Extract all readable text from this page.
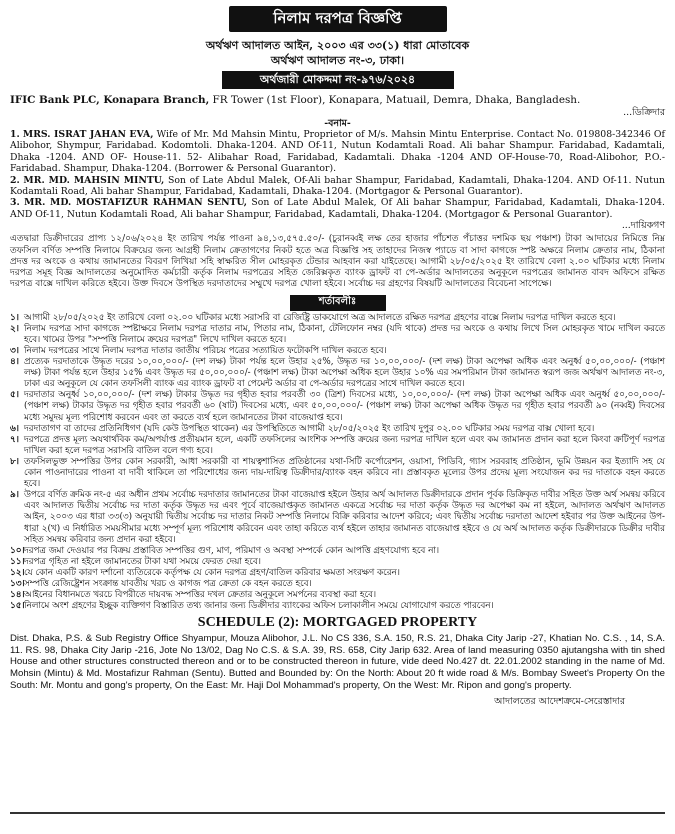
নিলাম দরপত্র বিজ্ঞপ্তি
অর্থঋণ আদালত আইন, ২০০৩ এর ৩৩(১) ধারা মোতাবেক
অর্থঋণ আদালত নং-৩, ঢাকা।
অর্থজারী মোকদ্দমা নং-৯৭৬/২০২৪
IFIC Bank PLC, Konapara Branch, FR Tower (1st Floor), Konapara, Matuail, Demra, Dhaka, Bangladesh.
...ডিক্রিদার
-বনাম-

1. MRS. ISRAT JAHAN EVA, Wife of Mr. Md Mahsin Mintu, Proprietor of M/s. Mahsin Mintu Enterprise. Contact No. 019808-342346 Of Alibohor, Shympur, Faridabad. Kodomtoli. Dhaka-1204. AND Of-11, Nutun Kodamtali Road. Ali bahar Shampur. Faridabad, Kadamtali, Dhaka -1204. AND OF- House-11. 52- Alibahar Road, Faridabad, Kadamtali. Dhaka -1204 AND OF-House-70, Road-Alibohor, P.O.- Faridabad. Shampur, Dhaka-1204. (Borrower & Personal Guarantor).

2. MR. MD. MAHSIN MINTU, Son of Late Abdul Malek, Of-Ali bahar Shampur, Faridabad, Kadamtali, Dhaka-1204. AND Of-11. Nutun Kodamtali Road, Ali bahar Shampur, Faridabad, Kadamtali, Dhaka-1204. (Mortgagor & Personal Guarantor).

3. MR. MD. MOSTAFIZUR RAHMAN SENTU, Son of Late Abdul Malek, Of Ali bahar Shampur, Faridabad, Kadamtali, Dhaka-1204. AND Of-11, Nutun Kodamtali Road, Ali bahar Shampur, Faridabad, Kadamtali, Dhaka-1204. (Mortgagor & Personal Guarantor).

...দায়িকগণ
এতদ্বারা ডিক্রীদারের প্রাপ্য ১২/০৬/২০২৪ ইং তারিখ পর্যন্ত পাওনা ৯৪,১৩,৫৭৫.৫০/- (চুরানব্বই লক্ষ তের হাজার পাঁচশত পঁচাত্তর দশমিক ছয় পঞ্চাশ) টাকা আদায়ের নিমিত্তে নিম্ন তফসিল বর্ণিত সম্পত্তি নিলামে বিক্রয়ের জন্য আগ্রহী নিলাম ক্রেতাগণের নিকট হতে অত্র বিজ্ঞপ্তি সহ তাহাদের নিজস্ব প্যাডে বা সাদা কাগজে স্পষ্ট অক্ষরে নিলাম ক্রেতার নাম, ঠিকানা প্রদত্ত দর অংকে ও কথায় জামানতের বিবরণ লিখিয়া সহি স্বাক্ষরিত সীল মোহরকৃত টেন্ডার আহবান করা যাইতেছে। আগামী ২৮/০৫/২০২৫ ইং তারিখে বেলা ২.০০ ঘটিকার মধ্যে নিলাম দরপত্র সমূহ বিজ্ঞ আদালতের অনুমোদিত কর্মচারী কর্তৃক নিলাম দরপত্রের সহিত জেরিক্সকৃত ব্যাংক ড্রাফট বা পে-অর্ডার আদালতের অনুকূলে দরপত্রের জামানত বাবদ অফিসে রক্ষিত দরপত্র বাক্সে দাখিল করিতে হইবে। উক্ত দিবসে উপস্থিত দরদাতাদের সম্মুখে দরপত্র খোলা হইবে। সর্বোচ্চ দর গ্রহণের বিষয়টি আদালতের বিবেচনা সাপেক্ষে।
শর্তাবলীঃ
১। আগামী ২৮/০৫/২০২৫ ইং তারিখে বেলা ০২.০০ ঘটিকার মধ্যে সরাসরি বা রেজিষ্ট্রি ডাকযোগে অত্র আদালতে রক্ষিত দরপত্র গ্রহণের বাক্সে নিলাম দরপত্র দাখিল করতে হবে।
২। নিলাম দরপত্র সাদা কাগজে স্পষ্টাক্ষরে নিলাম দরপত্র দাতার নাম, পিতার নাম, ঠিকানা, টেলিফোন নম্বর (যদি থাকে) প্রদত্ত দর অংকে ও কথায় লিখে সিল মোহরকৃত খামে দাখিল করতে হবে। খামের উপর "সম্পত্তি নিলামে ক্রয়ের দরপত্র" লিখে দাখিল করতে হবে।
৩। নিলাম দরপত্রের সাথে নিলাম দরপত্র দাতার জাতীয় পরিচয় পত্রের সত্যায়িত ফটোকপি দাখিল করতে হবে।
৪। প্রত্যেক দরদাতাকে উদ্ধৃত দরের ১০,০০,০০০/- (দশ লক্ষ) টাকা পর্যন্ত হলে উহার ২৫%, উদ্ধৃত দর ১০,০০,০০০/- (দশ লক্ষ) টাকা অপেক্ষা অধিক এবং অনুর্ধ্ব ৫০,০০,০০০/- (পঞ্চাশ লক্ষ) টাকা পর্যন্ত হলে উহার ১৫% এবং উদ্ধৃত দর ৫০,০০,০০০/- (পঞ্চাশ লক্ষ) টাকা অপেক্ষা অধিক হলে উহার ১০% এর সমপরিমান টাকা জামানত স্বরূপ জজ অর্থঋণ আদালত নং-৩, ঢাকা এর অনুকূলে যে কোন তফসিলী ব্যাংক এর ব্যাংক ড্রাফট বা পেমেন্ট অর্ডার বা পে-অর্ডার দরপত্রের সাথে দাখিল করতে হবে।
৫। দরদাতার অনুর্ধ্ব ১০,০০,০০০/- (দশ লক্ষ) টাকার উদ্ধৃত দর গৃহীত হবার পরবর্তী ৩০ (ত্রিশ) দিবসের মধ্যে, ১০,০০,০০০/- (দশ লক্ষ) টাকা অপেক্ষা অধিক এবং অনুর্ধ্ব ৫০,০০,০০০/- (পঞ্চাশ লক্ষ) টাকার উদ্ধৃত দর গৃহীত হবার পরবর্তী ৬০ (ষাট) দিবসের মধ্যে, এবং ৫০,০০,০০০/- (পঞ্চাশ লক্ষ) টাকা অপেক্ষা অধিক উদ্ধৃত দর গৃহীত হবার পরবর্তী ৯০ (নব্বই) দিবসের মধ্যে সমুদয় মূল্য পরিশোধ করবেন এবং তা করতে ব্যর্থ হলে জামানতের টাকা বাজেয়াপ্ত হবে।
৬। দরদাতাগণ বা তাদের প্রতিনিধিগণ (যদি কেউ উপস্থিত থাকেন) এর উপস্থিতিতে আগামী ২৮/০৫/২০২৫ ইং তারিখ দুপুর ০২.০০ ঘটিকার সময় দরপত্র বাক্স খোলা হবে।
৭। দরপত্রে প্রদত্ত মূল্য অযথার্থবিক কম/অপর্যাপ্ত প্রতীয়মান হলে, একটি তফসিলের আংশিক সম্পত্তি ক্রয়ের জন্য দরপত্র দাখিল হলে এবং কম জামানত প্রদান করা হলে কিংবা ক্রটিপূর্ণ দরপত্র দাখিল করা হলে দরপত্র সরাসরি বাতিল বলে গণ্য হবে।
৮। তফসিলভুক্ত সম্পত্তির উপর কোন সরকারী, আধা সরকারী বা শায়ত্বশাসিত প্রতিষ্ঠানের যথা-সিটি কর্পোরেশন, ওয়াসা, পিডিবি, গ্যাস সরবরাহ প্রতিষ্ঠান, ভূমি উন্নয়ন কর ইত্যাদি সহ যে কোন পাওনাদারের পাওনা বা দাবী থাকিলে তা পরিশোধের জন্য দায়-দায়িত্ব ডিক্রীদার/ব্যাংক বহন করিবে না। প্রস্তাবকৃত মূল্যের উপর প্রদেয় মূল্য সংযোজন কর দর দাতাকে বহন করতে হবে।
৯। উপরে বর্ণিত ক্রমিক নং-৫ এর অধীন প্রথম সর্বোচ্চ দরদাতার জামানতের টাকা বাজেয়াপ্ত হইলে উহার অর্থ আদালত ডিক্রীদারকে প্রদান পূর্বক ডিক্রিকৃত দাবীর সহিত উক্ত অর্থ সমন্বয় করিবে এবং আদালত দ্বিতীয় সর্বোচ্চ দর দাতা কর্তৃক উদ্ধৃত দর এবং পূর্বে বাজেয়াপ্তকৃত জামানত একত্রে সর্বোচ্চ দর দাতা কর্তৃক উদ্ধৃত দর অপেক্ষা কম না হইলে, আদালত অর্থঋণ আদালত আইন, ২০০৩ এর ধারা ৩৩(৩) অনুযায়ী দ্বিতীয় সর্বোচ্চ দর দাতার নিকট সম্পত্তি নিলামে বিক্রি করিবার আদেশ করিবে; এবং দ্বিতীয় সর্বোচ্চ দরদাতা আদেশ হইবার পর উক্ত আইনের উপ-ধারা ২(খ) এ নির্ধারিত সময়সীমার মধ্যে সম্পূর্ণ মূল্য পরিশোধ করিবেন এবং তাহা করিতে ব্যর্থ হইলে তাহার জামানত বাজেয়াপ্ত হইবে ও যে অর্থ আদালত কর্তৃক ডিক্রীদারকে ডিক্রীর দাবীর সহিত সমন্বয় করিবার জন্য প্রদান করা হইবে।
১০। দরপত্র জমা দেওয়ার পর বিক্রয় প্রস্তাবিত সম্পত্তির গুণ, মাণ, পরিমাণ ও অবস্থা সম্পর্কে কোন আপত্তি গ্রহণযোগ্য হবে না।
১১। দরপত্র গৃহিত না হইলে জামানতের টাকা যথা সময়ে ফেরত দেয়া হবে।
১২। যে কোন একটি কারণ দর্শানো ব্যতিরেকে কর্তৃপক্ষ যে কোন দরপত্র গ্রহণ/বাতিল করিবার ক্ষমতা সংরক্ষণ করেন।
১৩। সম্পত্তি রেজিষ্ট্রেশন সংক্রান্ত যাবতীয় খরচ ও কাগজ পত্র ক্রেতা কে বহন করতে হবে।
১৪। আইনের বিধানমতে খরচে বিপরীতে দায়বদ্ধ সম্পত্তির দখল ক্রেতার অনুকূলে সমর্পনের ব্যবস্থা করা হবে।
১৫। নিলামে অংশ গ্রহণের ইচ্ছুক ব্যক্তিগণ বিস্তারিত তথ্য জানার জন্য ডিক্রীদার ব্যাংকের অফিস চলাকালীন সময়ে যোগাযোগ করতে পারবেন।
SCHEDULE (2): MORTGAGED PROPERTY
Dist. Dhaka, P.S. & Sub Registry Office Shyampur, Mouza Alibohor, J.L. No CS 336, S.A. 150, R.S. 21, Dhaka City Jarip -27, Khatian No. C.S. , 14, S.A. 11. RS. 98, Dhaka City Jarip -216, Jote No 13/02, Dag No C.S. & S.A. 39, RS. 658, City Jarip 632. Area of land measuring 0350 ajutangsha with tin shed House and other structures constructed thereon and or to be constructed thereon in future, vide deed No.427 dt. 22.01.2002 standing in the name of Md. Mohsin (Mintu) & Md. Mostafizur Rahman (Sentu). Butted and Bounded by: On the North: About 20 ft wide road & M/s. Bombay Sweet's Property On the South: Mr. Montu and gong's property, On the East: Mr. Haji Dol Mohammad's property, On the West: Mr. Ripon and gong's property.
আদালতের আদেশক্রমে-সেরেস্তাদার
